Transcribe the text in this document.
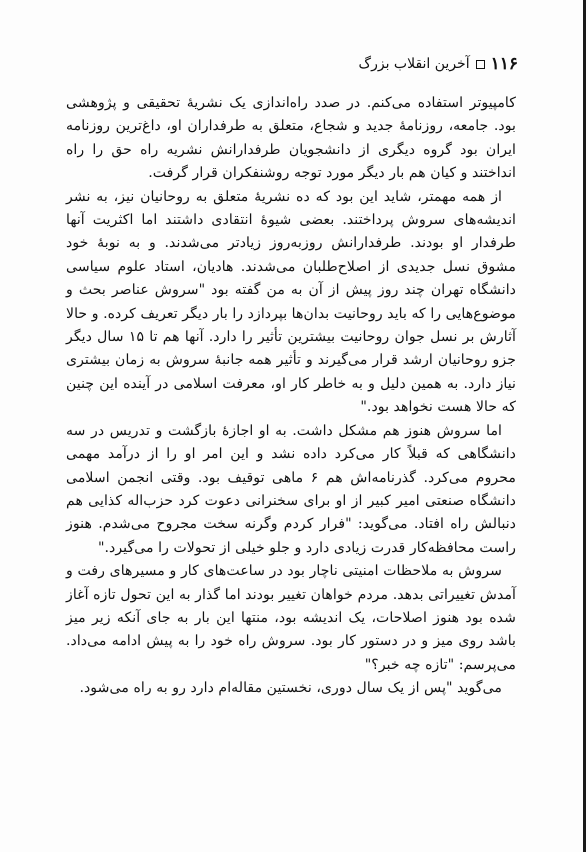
۱۱۶
آخرین انقلاب بزرگ

کامپیوتر استفاده می‌کنم. در صدد راه‌اندازی یک نشریهٔ تحقیقی و پژوهشی بود. جامعه، روزنامهٔ جدید و شجاع، متعلق به طرفداران او، داغ‌ترین روزنامه ایران بود گروه دیگری از دانشجویان طرفدارانش نشریه راه حق را راه انداختند و کیان هم بار دیگر مورد توجه روشنفکران قرار گرفت.

از همه مهمتر، شاید این بود که ده نشریهٔ متعلق به روحانیان نیز، به نشر اندیشه‌های سروش پرداختند. بعضی شیوهٔ انتقادی داشتند اما اکثریت آنها طرفدار او بودند. طرفدارانش روزبه‌روز زیادتر می‌شدند. و به نوبهٔ خود مشوق نسل جدیدی از اصلاح‌طلبان می‌شدند. هادیان، استاد علوم سیاسی دانشگاه تهران چند روز پیش از آن به من گفته بود "سروش عناصر بحث و موضوع‌هایی را که باید روحانیت بدان‌ها بپردازد را بار دیگر تعریف کرده. و حالا آثارش بر نسل جوان روحانیت بیشترین تأثیر را دارد. آنها هم تا ۱۵ سال دیگر جزو روحانیان ارشد قرار می‌گیرند و تأثیر همه جانبهٔ سروش به زمان بیشتری نیاز دارد. به همین دلیل و به خاطر کار او، معرفت اسلامی در آینده این چنین که حالا هست نخواهد بود."

اما سروش هنوز هم مشکل داشت. به او اجازهٔ بازگشت و تدریس در سه دانشگاهی که قبلاً کار می‌کرد داده نشد و این امر او را از درآمد مهمی محروم می‌کرد. گذرنامه‌اش هم ۶ ماهی توقیف بود. وقتی انجمن اسلامی دانشگاه صنعتی امیر کبیر از او برای سخنرانی دعوت کرد حزب‌اله کذایی هم دنبالش راه افتاد. می‌گوید: "فرار کردم وگرنه سخت مجروح می‌شدم. هنوز راست محافظه‌کار قدرت زیادی دارد و جلو خیلی از تحولات را می‌گیرد."

سروش به ملاحظات امنیتی ناچار بود در ساعت‌های کار و مسیرهای رفت و آمدش تغییراتی بدهد. مردم خواهان تغییر بودند اما گذار به این تحول تازه آغاز شده بود هنوز اصلاحات، یک اندیشه بود، منتها این بار به جای آنکه زیر میز باشد روی میز و در دستور کار بود. سروش راه خود را به پیش ادامه می‌داد. می‌پرسم: "تازه چه خبر؟"

می‌گوید "پس از یک سال دوری، نخستین مقاله‌ام دارد رو به راه می‌شود.
